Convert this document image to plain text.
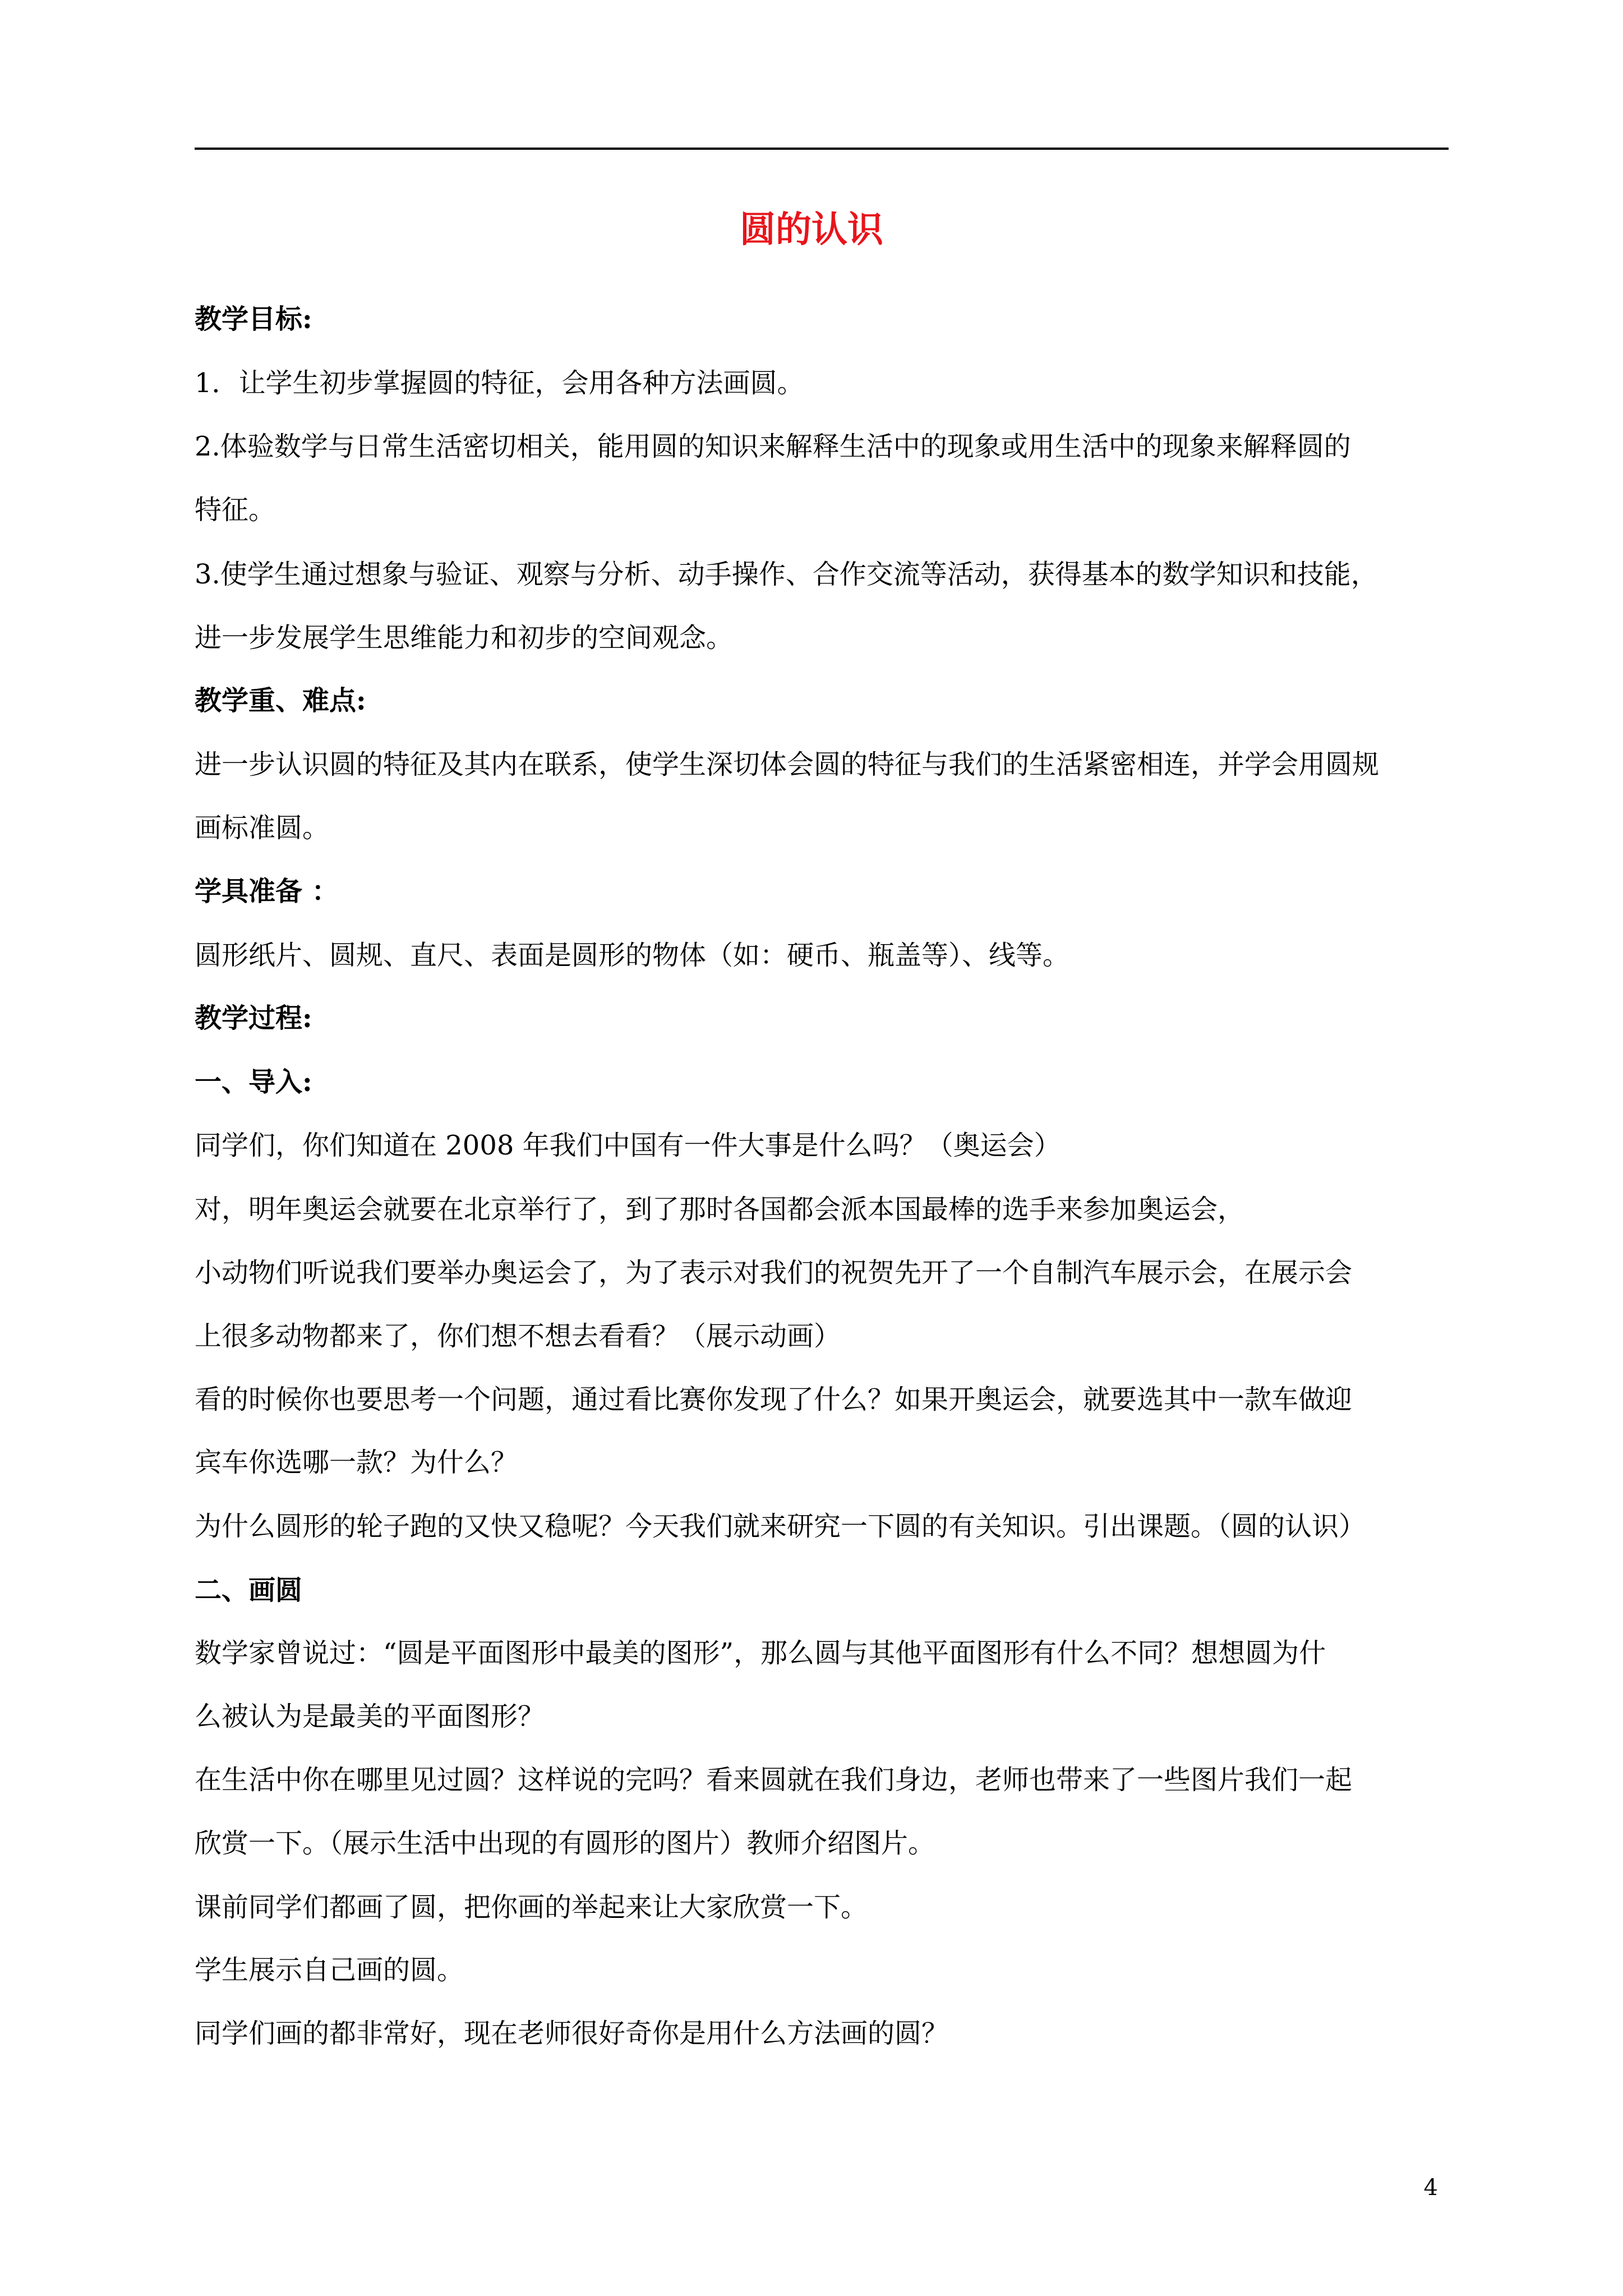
圆的认识
教学目标:
1．让学生初步掌握圆的特征，会用各种方法画圆。
2.体验数学与日常生活密切相关，能用圆的知识来解释生活中的现象或用生活中的现象来解释圆的
特征。
3.使学生通过想象与验证、观察与分析、动手操作、合作交流等活动，获得基本的数学知识和技能，
进一步发展学生思维能力和初步的空间观念。
教学重、难点:
进一步认识圆的特征及其内在联系，使学生深切体会圆的特征与我们的生活紧密相连，并学会用圆规
画标准圆。
学具准备 ：
圆形纸片、圆规、直尺、表面是圆形的物体（如：硬币、瓶盖等）、线等。
教学过程:
一、导入:
同学们，你们知道在 2008 年我们中国有一件大事是什么吗？（奥运会）
对，明年奥运会就要在北京举行了，到了那时各国都会派本国最棒的选手来参加奥运会，
小动物们听说我们要举办奥运会了，为了表示对我们的祝贺先开了一个自制汽车展示会，在展示会
上很多动物都来了，你们想不想去看看？（展示动画）
看的时候你也要思考一个问题，通过看比赛你发现了什么？如果开奥运会，就要选其中一款车做迎
宾车你选哪一款？为什么？
为什么圆形的轮子跑的又快又稳呢？今天我们就来研究一下圆的有关知识。引出课题。（圆的认识）
二、画圆
数学家曾说过：“圆是平面图形中最美的图形”，那么圆与其他平面图形有什么不同？想想圆为什
么被认为是最美的平面图形？
在生活中你在哪里见过圆？这样说的完吗？看来圆就在我们身边，老师也带来了一些图片我们一起
欣赏一下。（展示生活中出现的有圆形的图片）教师介绍图片。
课前同学们都画了圆，把你画的举起来让大家欣赏一下。
学生展示自己画的圆。
同学们画的都非常好，现在老师很好奇你是用什么方法画的圆？
4
